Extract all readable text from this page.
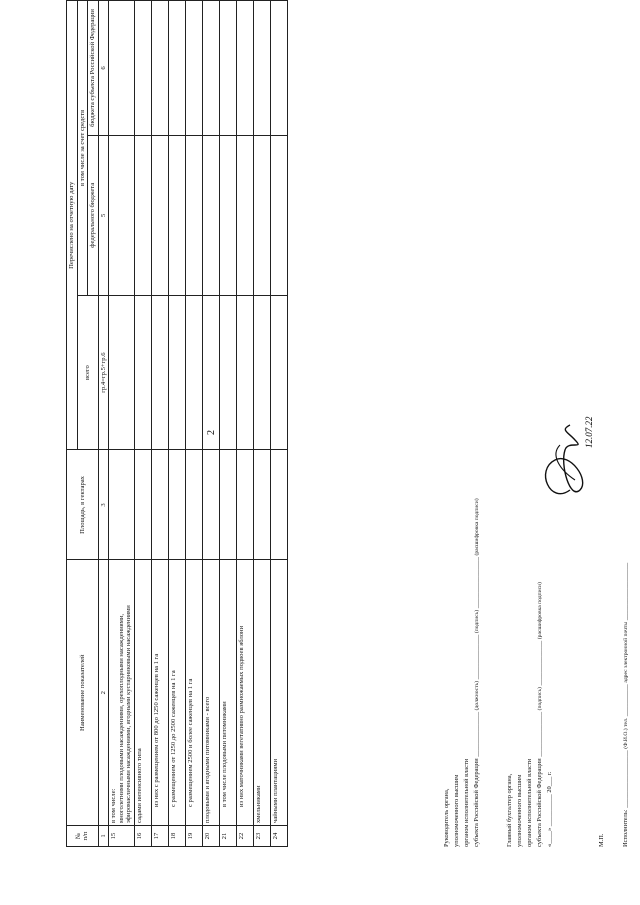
2
№
п/п	Наименование показателей	Площадь, в гектарах	Перечислено на отчетную дату		
			всего	в том числе за счет средств	
				федерального бюджета	бюджета субъекта Российской Федерации
1	2	3	гр.4=гр.5+гр.6	5	6
15	в том числе:
многолетними плодовыми насаждениями, орехоплодными насаждениями, эфиромасличными насаждениями, ягодными кустарниковыми насаждениями				
16	садами интенсивного типа				
17	из них с размещением от 800 до 1250 саженцев на 1 га				
18	с размещением от 1250 до 2500 саженцев на 1 га				
19	с размещением 2500 и более саженцев на 1 га				
20	плодовыми и ягодными питомниками - всего				
21	в том числе плодовыми питомниками				
22	из них маточниками вегетативно размножаемых подвоев яблони				
23	хмельниками				
24	чайными плантациями					Руководитель органа, уполномоченного высшим органом исполнительной власти субъекта Российской Федерации ______________ (должность) ______________ (подпись) ________________ (расшифровка подписи)
Главный бухгалтер органа, уполномоченного высшим органом исполнительной власти субъекта Российской Федерации ______________ (подпись) ______________ (расшифровка подписи)
«____» __________ 20___ г.	М.П.	Исполнитель: __________________ (Ф.И.О.) тел. __________ адрес электронной почты __________________
12.07.22
